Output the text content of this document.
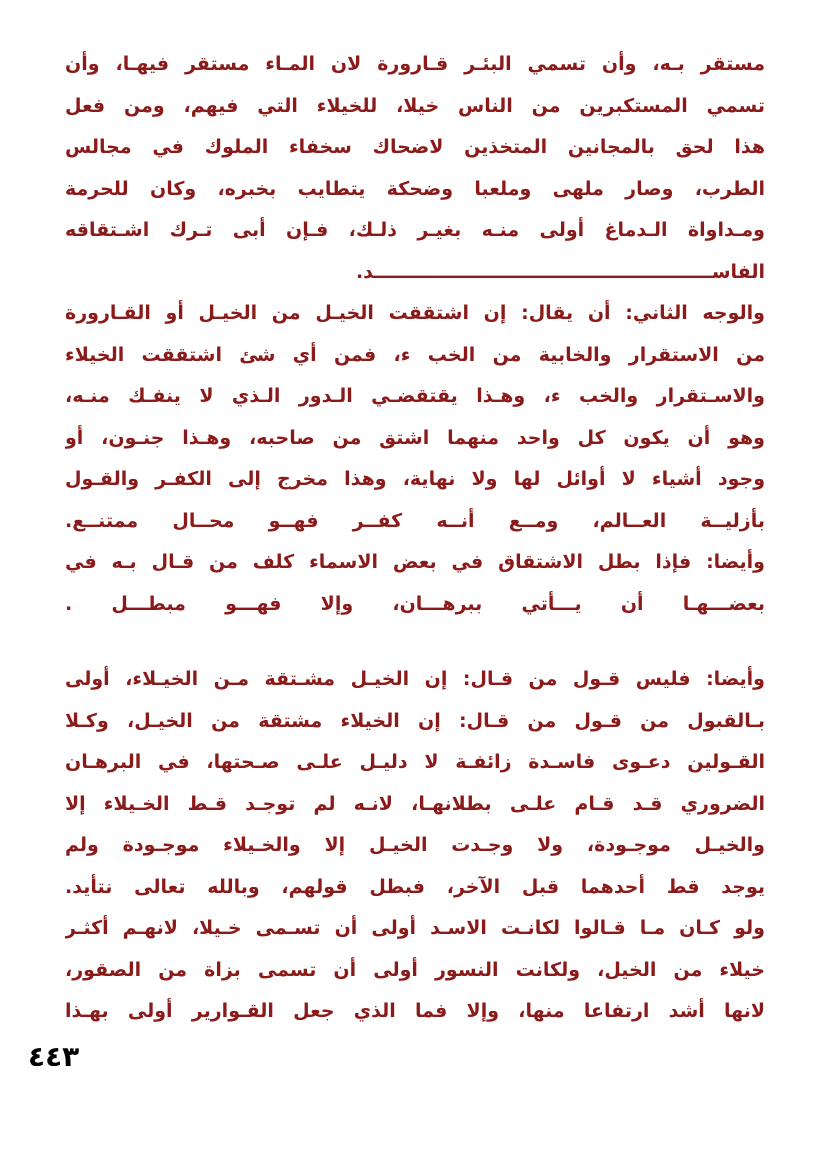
مستقر بـه، وأن تسمي البئـر قـارورة لان المـاء مستقر فيهـا، وأن
تسمي المستكبرين من الناس خيلا، للخيلاء التي فيهم، ومن فعل
هذا لحق بالمجانين المتخذين لاضحاك سخفاء الملوك في مجالس
الطرب، وصار ملهى وملعبا وضحكة يتطايب بخبره، وكان للحرمة
ومـداواة الـدماغ أولى منـه بغيـر ذلـك، فـإن أبى تـرك اشـتقاقه
الفاســــــــــــــــــــــــــــــــــــــــــــــــــــد.
والوجه الثاني: أن يقال: إن اشتققت الخيـل من الخيـل أو القـارورة
من الاستقرار والخابية من الخب ء، فمن أي شئ اشتققت الخيلاء
والاسـتقرار والخب ء، وهـذا يقتقضـي الـدور الـذي لا ينفـك منـه،
وهو أن يكون كل واحد منهما اشتق من صاحبه، وهـذا جنـون، أو
وجود أشياء لا أوائل لها ولا نهاية، وهذا مخرج إلى الكفـر والقـول
بأزليــة العــالم، ومــع أنــه كفــر فهــو محــال ممتنــع.
وأيضا: فإذا بطل الاشتقاق في بعض الاسماء كلف من قـال بـه في
بعضـــهـا أن يـــأتي ببرهـــان، وإلا فهـــو مبطـــل .
وأيضا: فليس قـول من قـال: إن الخيـل مشـتقة مـن الخيـلاء، أولى
بـالقبول من قـول من قـال: إن الخيلاء مشتقة من الخيـل، وكـلا
القـولين دعـوى فاسـدة زائفـة لا دليـل علـى صـحتها، في البرهـان
الضروري قـد قـام علـى بطلانهـا، لانـه لم توجـد قـط الخـيلاء إلا
والخيـل موجـودة، ولا وجـدت الخيـل إلا والخـيلاء موجـودة ولم
يوجد قط أحدهما قبل الآخر، فبطل قولهم، وبالله تعالى نتأيد.
ولو كـان مـا قـالوا لكانـت الاسـد أولى أن تسـمى خـيلا، لانهـم أكثـر
خيلاء من الخيل، ولكانت النسور أولى أن تسمى بزاة من الصقور،
لانها أشد ارتفاعا منها، وإلا فما الذي جعل القـوارير أولى بهـذا
٤٤٣
